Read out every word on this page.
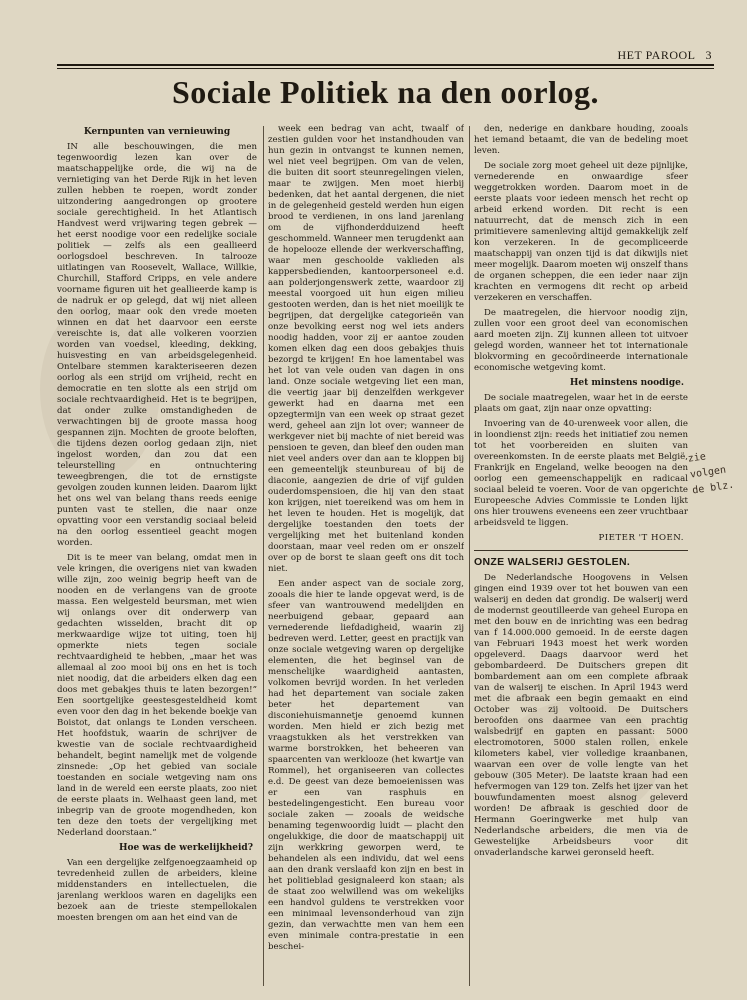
HET PAROOL 3
Sociale Politiek na den oorlog.
Kernpunten van vernieuwing

IN alle beschouwingen, die men tegenwoordig lezen kan over de maatschappelijke orde, die wij na de vernietiging van het Derde Rijk in het leven zullen hebben te roepen, wordt zonder uitzondering aangedrongen op grootere sociale gerechtigheid. In het Atlantisch Handvest werd vrijwaring tegen gebrek — het eerst noodige voor een redelijke sociale politiek — zelfs als een geallieerd oorlogsdoel beschreven. In talrooze uitlatingen van Roosevelt, Wallace, Willkie, Churchill, Stafford Cripps, en vele andere voorname figuren uit het geallieerde kamp is de nadruk er op gelegd, dat wij niet alleen den oorlog, maar ook den vrede moeten winnen en dat het daarvoor een eerste vereischte is, dat alle volkeren voorzien worden van voedsel, kleeding, dekking, huisvesting en van arbeidsgelegenheid. Ontelbare stemmen karakteriseeren dezen oorlog als een strijd om vrijheid, recht en democratie en ten slotte als een strijd om sociale rechtvaardigheid. Het is te begrijpen, dat onder zulke omstandigheden de verwachtingen bij de groote massa hoog gespannen zijn. Mochten de groote beloften, die tijdens dezen oorlog gedaan zijn, niet ingelost worden, dan zou dat een teleurstelling en ontnuchtering teweegbrengen, die tot de ernstigste gevolgen zouden kunnen leiden. Daarom lijkt het ons wel van belang thans reeds eenige punten vast te stellen, die naar onze opvatting voor een verstandig sociaal beleid na den oorlog essentieel geacht mogen worden.

Dit is te meer van belang, omdat men in vele kringen, die overigens niet van kwaden wille zijn, zoo weinig begrip heeft van de nooden en de verlangens van de groote massa. Een welgesteld beursman, met wien wij onlangs over dit onderwerp van gedachten wisselden, bracht dit op merkwaardige wijze tot uiting, toen hij opmerkte niets tegen sociale rechtvaardigheid te hebben, „maar het was allemaal al zoo mooi bij ons en het is toch niet noodig, dat die arbeiders elken dag een doos met gebakjes thuis te laten bezorgen!” Een soortgelijke geestesgesteldheid komt even voor den dag in het bekende boekje van Boistot, dat onlangs te Londen verscheen. Het hoofdstuk, waarin de schrijver de kwestie van de sociale rechtvaardigheid behandelt, begint namelijk met de volgende zinsnede: „Op het gebied van sociale toestanden en sociale wetgeving nam ons land in de wereld een eerste plaats, zoo niet de eerste plaats in. Welhaast geen land, met inbegrip van de groote mogendheden, kon ten deze den toets der vergelijking met Nederland doorstaan.”

Hoe was de werkelijkheid?

Van een dergelijke zelfgenoegzaamheid op tevredenheid zullen de arbeiders, kleine middenstanders en intellectuelen, die jarenlang werkloos waren en dagelijks een bezoek aan de trieste stempellokalen moesten brengen om aan het eind van de

week een bedrag van acht, twaalf of zestien gulden voor het instandhouden van hun gezin in ontvangst te kunnen nemen, wel niet veel begrijpen. Om van de velen, die buiten dit soort steunregelingen vielen, maar te zwijgen. Men moet hierbij bedenken, dat het aantal dergenen, die niet in de gelegenheid gesteld werden hun eigen brood te verdienen, in ons land jarenlang om de vijfhonderdduizend heeft geschommeld. Wanneer men terugdenkt aan de hopelooze ellende der werkverschaffing, waar men geschoolde vaklieden als kappersbedienden, kantoorpersoneel e.d. aan polderjongenswerk zette, waardoor zij meestal voorgoed uit hun eigen milieu gestooten werden, dan is het niet moeilijk te begrijpen, dat dergelijke categorieën van onze bevolking eerst nog wel iets anders noodig hadden, voor zij er aantoe zouden komen elken dag een doos gebakjes thuis bezorgd te krijgen! En hoe lamentabel was het lot van vele ouden van dagen in ons land. Onze sociale wetgeving liet een man, die veertig jaar bij denzelfden werkgever gewerkt had en daarna met een opzegtermijn van een week op straat gezet werd, geheel aan zijn lot over; wanneer de werkgever niet bij machte of niet bereid was pensioen te geven, dan bleef den ouden man niet veel anders over dan aan te kloppen bij een gemeentelijk steunbureau of bij de diaconie, aangezien de drie of vijf gulden ouderdomspensioen, die hij van den staat kon krijgen, niet toereikend was om hem in het leven te houden. Het is mogelijk, dat dergelijke toestanden den toets der vergelijking met het buitenland konden doorstaan, maar veel reden om er onszelf over op de borst te slaan geeft ons dit toch niet.

Een ander aspect van de sociale zorg, zooals die hier te lande opgevat werd, is de sfeer van wantrouwend medelijden en neerbuigend gebaar, gepaard aan vernederende liefdadigheid, waarin zij bedreven werd. Letter, geest en practijk van onze sociale wetgeving waren op dergelijke elementen, die het beginsel van de menschelijke waardigheid aantasten, volkomen bevrijd worden. In het verleden had het departement van sociale zaken beter het departement van disconiehuismannetje genoemd kunnen worden. Men hield er zich bezig met vraagstukken als het verstrekken van warme borstrokken, het beheeren van spaarcenten van werklooze (het kwartje van Rommel), het organiseeren van collectes e.d. De geest van deze bemoeienissen was er een van rasphuis en bestedelingengesticht. Een bureau voor sociale zaken — zooals de weidsche benaming tegenwoordig luidt — placht den ongelukkige, die door de maatschappij uit zijn werkkring geworpen werd, te behandelen als een individu, dat wel eens aan den drank verslaafd kon zijn en best in het politieblad gesignaleerd kon staan; als de staat zoo welwillend was om wekelijks een handvol guldens te verstrekken voor een minimaal levensonderhoud van zijn gezin, dan verwachtte men van hem een even minimale contra-prestatie in een beschei-

den, nederige en dankbare houding, zooals het iemand betaamt, die van de bedeling moet leven.

De sociale zorg moet geheel uit deze pijnlijke, vernederende en onwaardige sfeer weggetrokken worden. Daarom moet in de eerste plaats voor iedeen mensch het recht op arbeid erkend worden. Dit recht is een natuurrecht, dat de mensch zich in een primitievere samenleving altijd gemakkelijk zelf kon verzekeren. In de gecompliceerde maatschappij van onzen tijd is dat dikwijls niet meer mogelijk. Daarom moeten wij onszelf thans de organen scheppen, die een ieder naar zijn krachten en vermogens dit recht op arbeid verzekeren en verschaffen.

De maatregelen, die hiervoor noodig zijn, zullen voor een groot deel van economischen aard moeten zijn. Zij kunnen alleen tot uitvoer gelegd worden, wanneer het tot internationale blokvorming en gecoördineerde internationale economische wetgeving komt.

Het minstens noodige.

De sociale maatregelen, waar het in de eerste plaats om gaat, zijn naar onze opvatting:

Invoering van de 40-urenweek voor allen, die in loondienst zijn: reeds het initiatief zou nemen tot het voorbereiden en sluiten van overeenkomsten. In de eerste plaats met België, Frankrijk en Engeland, welke beoogen na den oorlog een gemeenschappelijk en radicaal sociaal beleid te voeren. Voor de van opgerichte Europeesche Advies Commissie te Londen lijkt ons hier trouwens eveneens een zeer vruchtbaar arbeidsveld te liggen.

PIETER 'T HOEN.
ONZE WALSERIJ GESTOLEN.

De Nederlandsche Hoogovens in Velsen gingen eind 1939 over tot het bouwen van een walserij en deden dat grondig. De walserij werd de modernst geoutilleerde van geheel Europa en met den bouw en de inrichting was een bedrag van f 14.000.000 gemoeid. In de eerste dagen van Februari 1943 moest het werk worden opgeleverd. Daags daarvoor werd het gebombardeerd. De Duitschers grepen dit bombardement aan om een complete afbraak van de walserij te eischen. In April 1943 werd met die afbraak een begin gemaakt en eind October was zij voltooid. De Duitschers beroofden ons daarmee van een prachtig walsbedrijf en gapten en passant: 5000 electromotoren, 5000 stalen rollen, enkele kilometers kabel, vier volledige kraanbanen, waarvan een over de volle lengte van het gebouw (305 Meter). De laatste kraan had een hefvermogen van 129 ton. Zelfs het ijzer van het bouwfundamenten moest alsnog geleverd worden! De afbraak is geschied door de Hermann Goeringwerke met hulp van Nederlandsche arbeiders, die men via de Gewestelijke Arbeidsbeurs voor dit onvaderlandsche karwei geronseld heeft.

zie
volgen
de blz.
